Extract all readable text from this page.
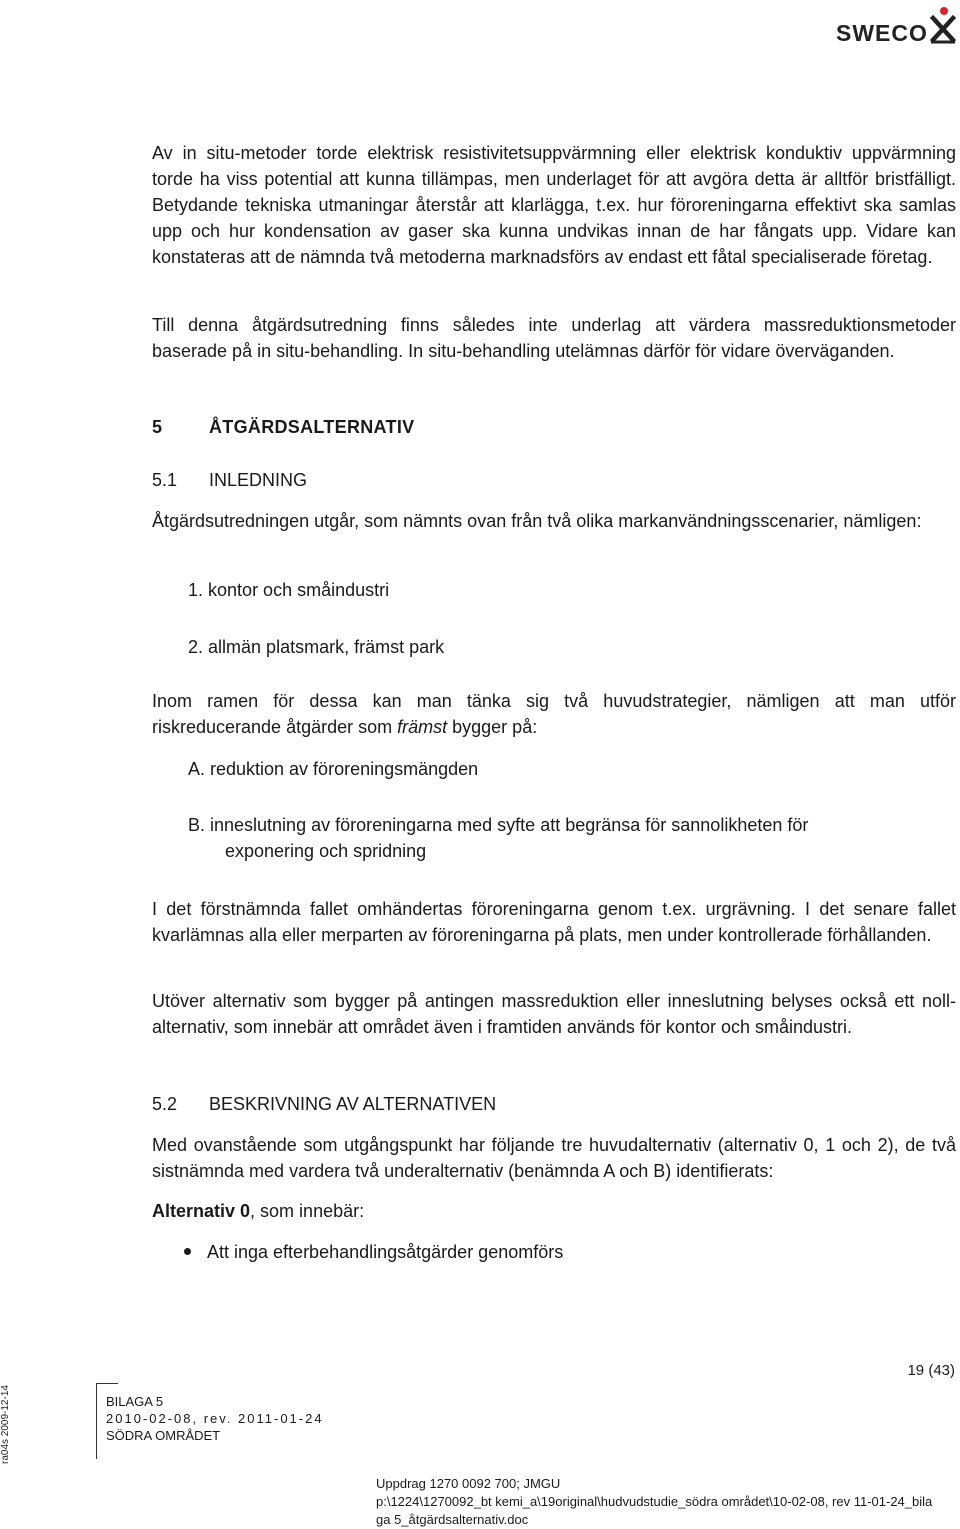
SWECO

Av in situ-metoder torde elektrisk resistivitetsuppvärmning eller elektrisk konduktiv uppvärmning torde ha viss potential att kunna tillämpas, men underlaget för att avgöra detta är alltför bristfälligt. Betydande tekniska utmaningar återstår att klarlägga, t.ex. hur föroreningarna effektivt ska samlas upp och hur kondensation av gaser ska kunna undvikas innan de har fångats upp. Vidare kan konstateras att de nämnda två metoderna marknadsförs av endast ett fåtal specialiserade företag.

Till denna åtgärdsutredning finns således inte underlag att värdera massreduktionsmetoder baserade på in situ-behandling. In situ-behandling utelämnas därför för vidare överväganden.

5	ÅTGÄRDSALTERNATIV
5.1 INLEDNING

Åtgärdsutredningen utgår, som nämnts ovan från två olika markanvändningsscenarier, nämligen:

1. kontor och småindustri
2. allmän platsmark, främst park

Inom ramen för dessa kan man tänka sig två huvudstrategier, nämligen att man utför riskreducerande åtgärder som främst bygger på:

A. reduktion av föroreningsmängden

B. inneslutning av föroreningarna med syfte att begränsa för sannolikheten för

exponering och spridning

I det förstnämnda fallet omhändertas föroreningarna genom t.ex. urgrävning. I det senare fallet kvarlämnas alla eller merparten av föroreningarna på plats, men under kontrollerade förhållanden.

Utöver alternativ som bygger på antingen massreduktion eller inneslutning belyses också ett noll-alternativ, som innebär att området även i framtiden används för kontor och småindustri.

5.2 BESKRIVNING AV ALTERNATIVEN

Med ovanstående som utgångspunkt har följande tre huvudalternativ (alternativ 0, 1 och 2), de två sistnämnda med vardera två underalternativ (benämnda A och B) identifierats:

Alternativ 0, som innebär:

Att inga efterbehandlingsåtgärder genomförs
ra04s 2009-12-14
19 (43)
BILAGA 5
2010-02-08, rev. 2011-01-24
SÖDRA OMRÅDET
Uppdrag 1270 0092 700; JMGU
p:\1224\1270092_bt kemi_a\19original\hudvudstudie_södra området\10-02-08, rev 11-01-24_bilaga 5_åtgärdsalternativ.doc
